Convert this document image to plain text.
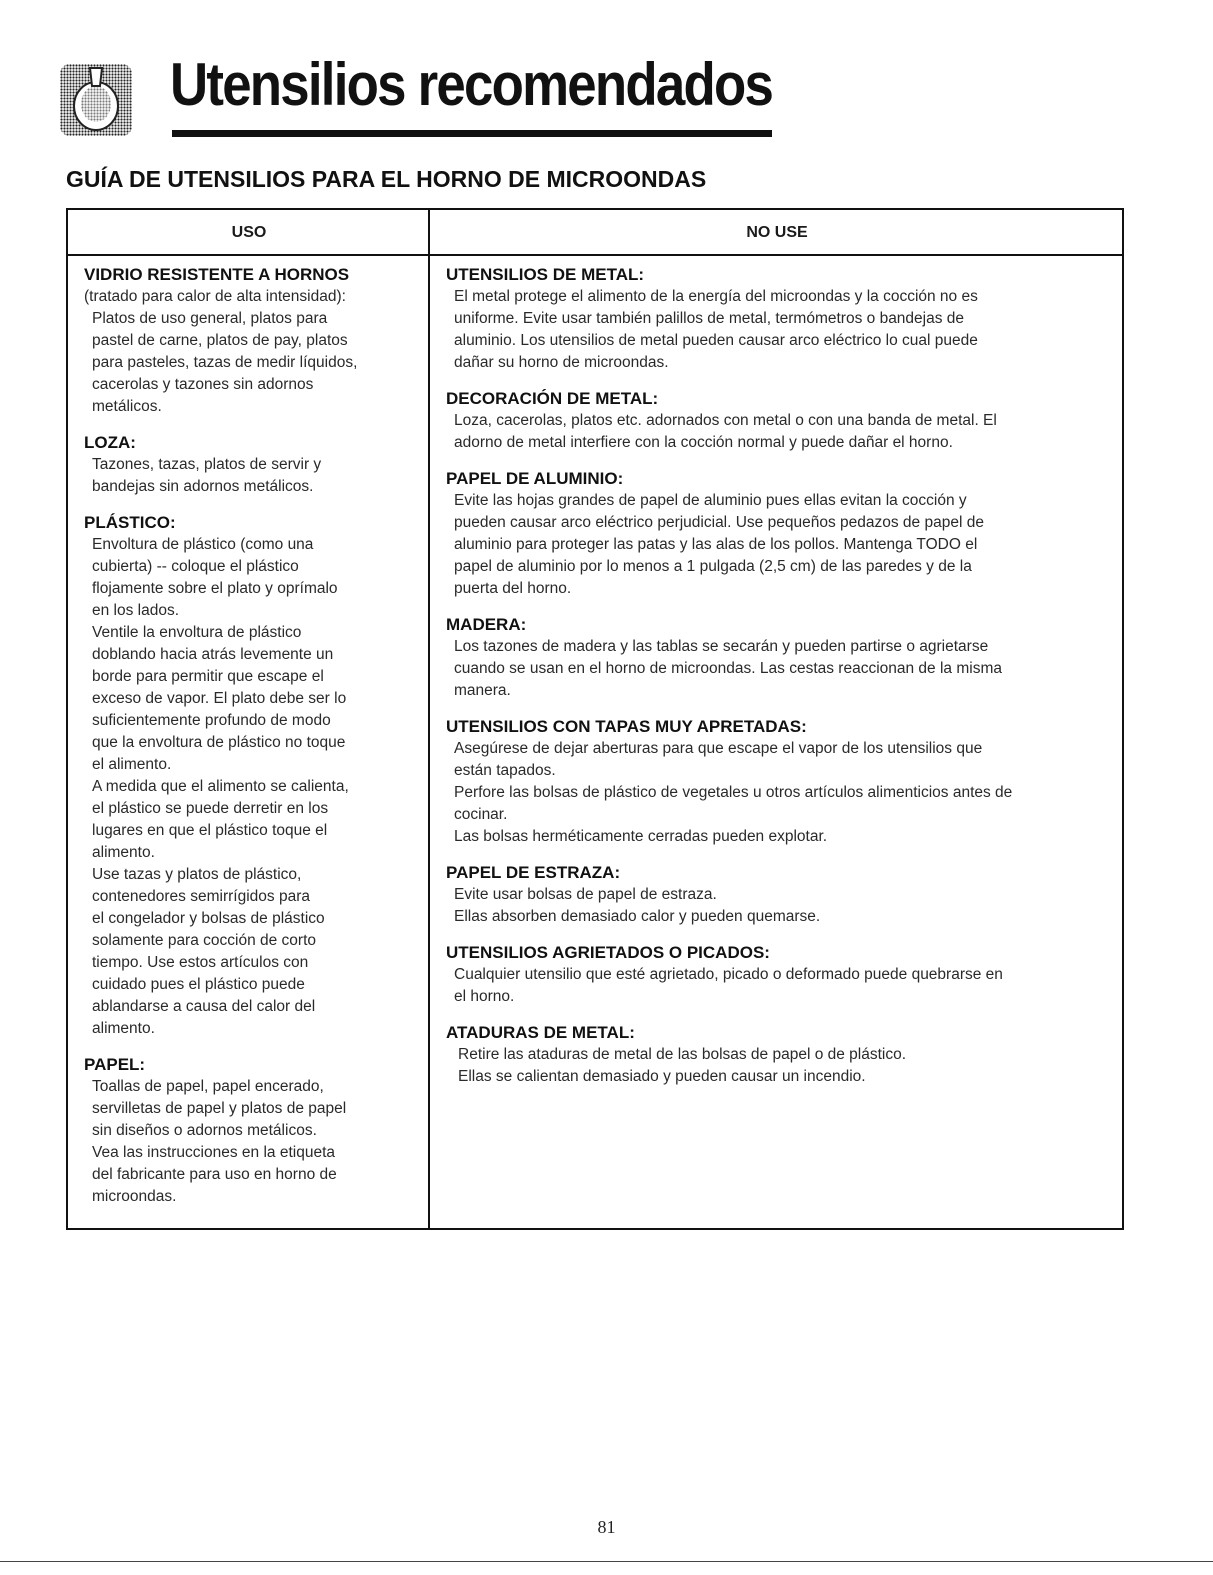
Utensilios recomendados
GUÍA DE UTENSILIOS PARA EL HORNO DE MICROONDAS
USO	NO USE
VIDRIO RESISTENTE A HORNOS
(tratado para calor de alta intensidad):
Platos de uso general, platos para
pastel de carne, platos de pay, platos
para pasteles, tazas de medir líquidos,
cacerolas y tazones sin adornos
metálicos.
LOZA:
Tazones, tazas, platos de servir y
bandejas sin adornos metálicos.
PLÁSTICO:
Envoltura de plástico (como una
cubierta) -- coloque el plástico
flojamente sobre el plato y oprímalo
en los lados.
Ventile la envoltura de plástico
doblando hacia atrás levemente un
borde para permitir que escape el
exceso de vapor. El plato debe ser lo
suficientemente profundo de modo
que la envoltura de plástico no toque
el alimento.
A medida que el alimento se calienta,
el plástico se puede derretir en los
lugares en que el plástico toque el
alimento.
Use tazas y platos de plástico,
contenedores semirrígidos para
el congelador y bolsas de plástico
solamente para cocción de corto
tiempo. Use estos artículos con
cuidado pues el plástico puede
ablandarse a causa del calor del
alimento.
PAPEL:
Toallas de papel, papel encerado,
servilletas de papel y platos de papel
sin diseños o adornos metálicos.
Vea las instrucciones en la etiqueta
del fabricante para uso en horno de
microondas.
UTENSILIOS DE METAL:
El metal protege el alimento de la energía del microondas y la cocción no es
uniforme. Evite usar también palillos de metal, termómetros o bandejas de
aluminio. Los utensilios de metal pueden causar arco eléctrico lo cual puede
dañar su horno de microondas.
DECORACIÓN DE METAL:
Loza, cacerolas, platos etc. adornados con metal o con una banda de metal. El
adorno de metal interfiere con la cocción normal y puede dañar el horno.
PAPEL DE ALUMINIO:
Evite las hojas grandes de papel de aluminio pues ellas evitan la cocción y
pueden causar arco eléctrico perjudicial. Use pequeños pedazos de papel de
aluminio para proteger las patas y las alas de los pollos. Mantenga TODO el
papel de aluminio por lo menos a 1 pulgada (2,5 cm) de las paredes y de la
puerta del horno.
MADERA:
Los tazones de madera y las tablas se secarán y pueden partirse o agrietarse
cuando se usan en el horno de microondas. Las cestas reaccionan de la misma
manera.
UTENSILIOS CON TAPAS MUY APRETADAS:
Asegúrese de dejar aberturas para que escape el vapor de los utensilios que
están tapados.
Perfore las bolsas de plástico de vegetales u otros artículos alimenticios antes de
cocinar.
Las bolsas herméticamente cerradas pueden explotar.
PAPEL DE ESTRAZA:
Evite usar bolsas de papel de estraza.
Ellas absorben demasiado calor y pueden quemarse.
UTENSILIOS AGRIETADOS O PICADOS:
Cualquier utensilio que esté agrietado, picado o deformado puede quebrarse en
el horno.
ATADURAS DE METAL:
Retire las ataduras de metal de las bolsas de papel o de plástico.
Ellas se calientan demasiado y pueden causar un incendio.
81
